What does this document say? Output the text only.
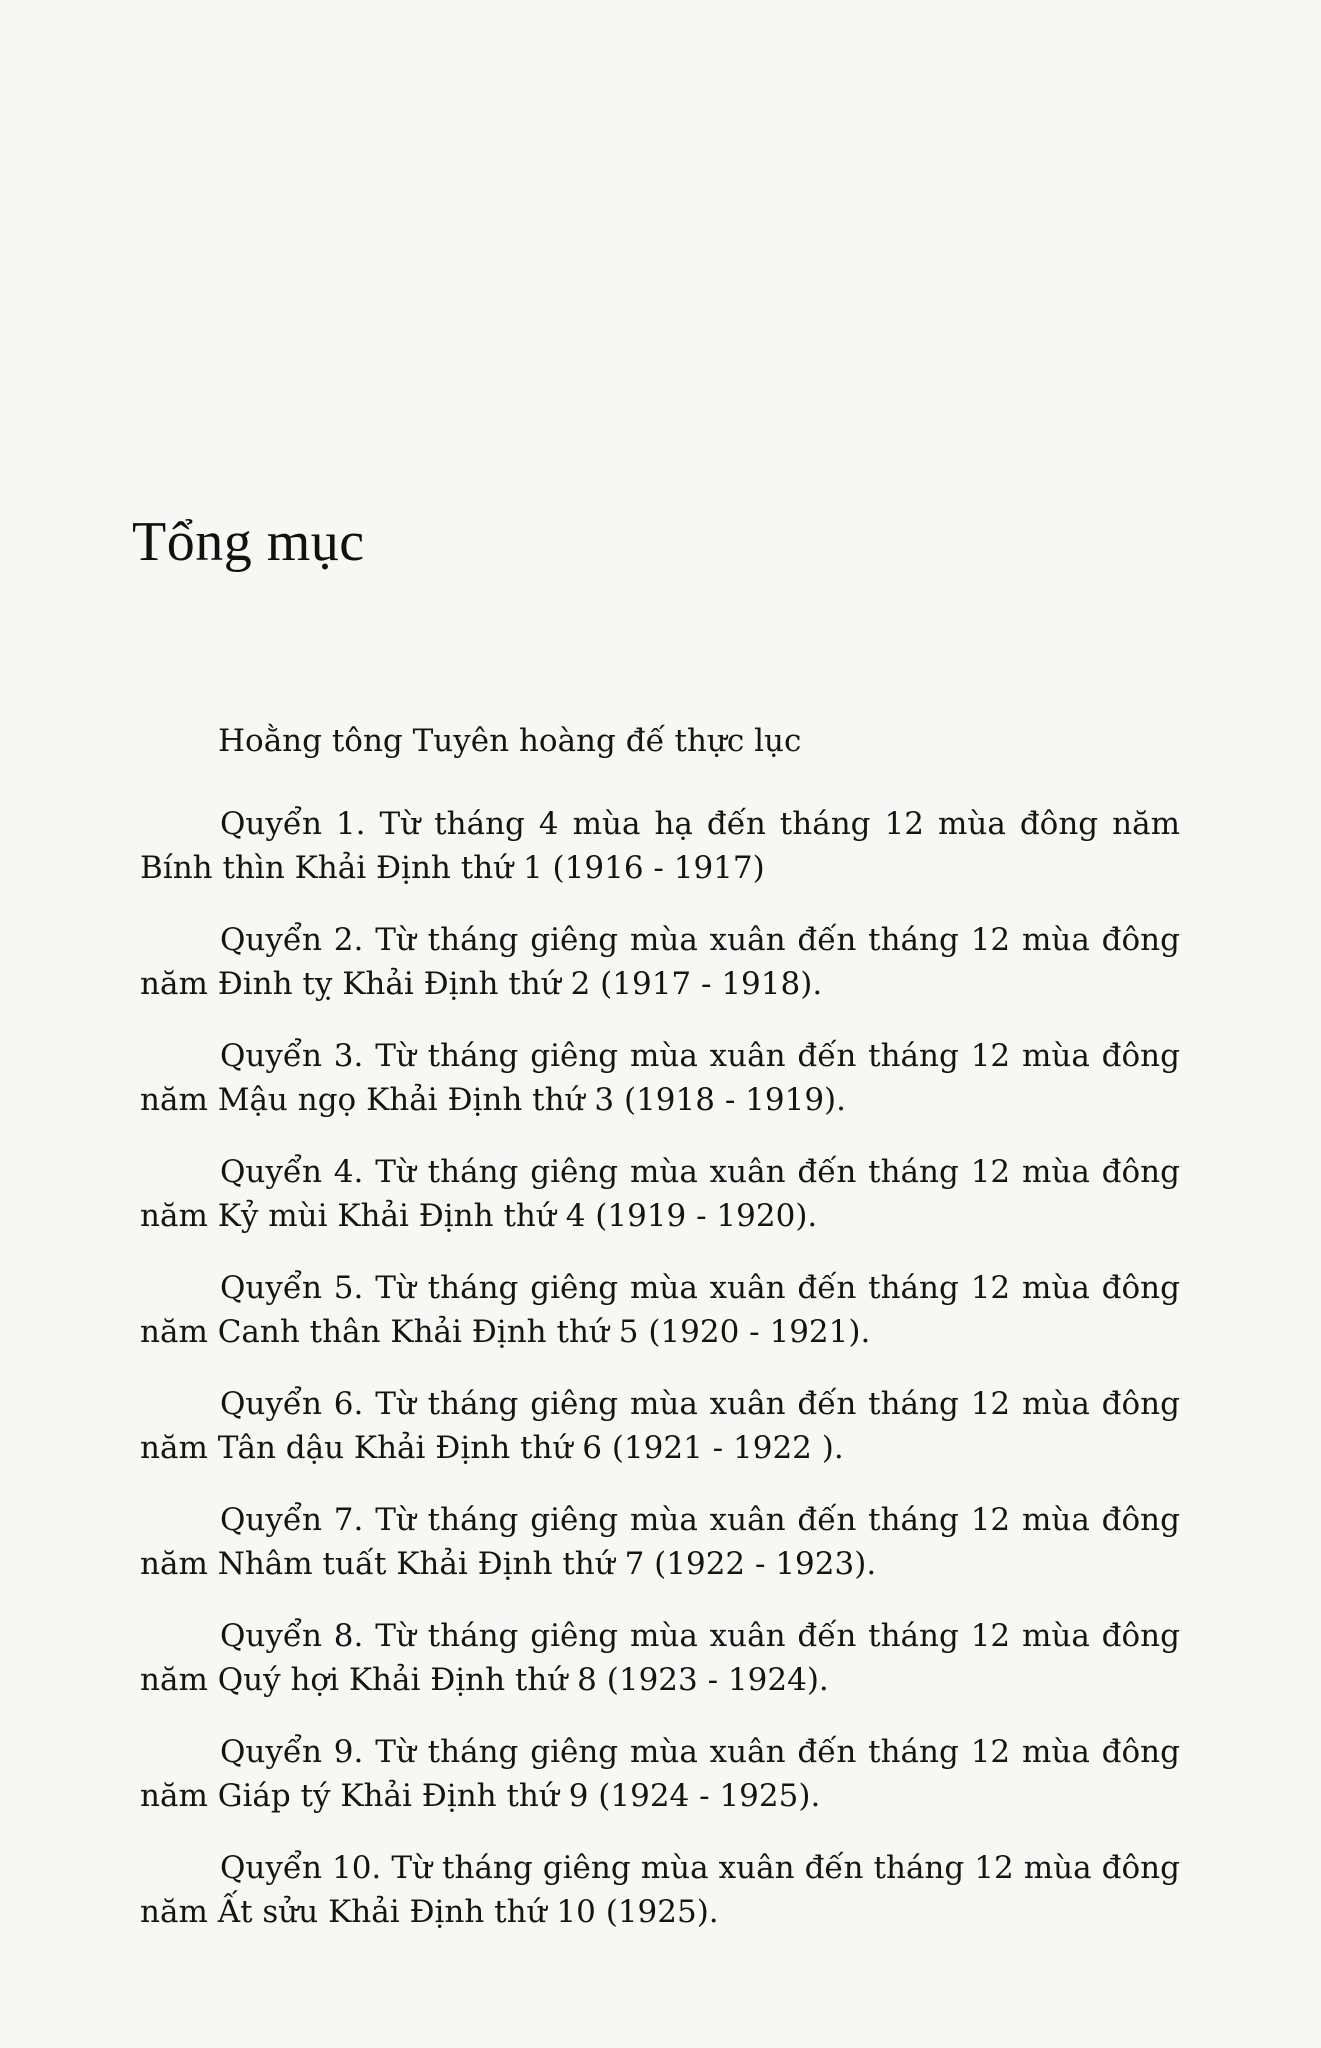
Tổng mục

Hoằng tông Tuyên hoàng đế thực lục

Quyển 1. Từ tháng 4 mùa hạ đến tháng 12 mùa đông năm Bính thìn Khải Định thứ 1 (1916 - 1917)

Quyển 2. Từ tháng giêng mùa xuân đến tháng 12 mùa đông năm Đinh tỵ Khải Định thứ 2 (1917 - 1918).

Quyển 3. Từ tháng giêng mùa xuân đến tháng 12 mùa đông năm Mậu ngọ Khải Định thứ 3 (1918 - 1919).

Quyển 4. Từ tháng giêng mùa xuân đến tháng 12 mùa đông năm Kỷ mùi Khải Định thứ 4 (1919 - 1920).

Quyển 5. Từ tháng giêng mùa xuân đến tháng 12 mùa đông năm Canh thân Khải Định thứ 5 (1920 - 1921).

Quyển 6. Từ tháng giêng mùa xuân đến tháng 12 mùa đông năm Tân dậu Khải Định thứ 6 (1921 - 1922 ).

Quyển 7. Từ tháng giêng mùa xuân đến tháng 12 mùa đông năm Nhâm tuất Khải Định thứ 7 (1922 - 1923).

Quyển 8. Từ tháng giêng mùa xuân đến tháng 12 mùa đông năm Quý hợi Khải Định thứ 8 (1923 - 1924).

Quyển 9. Từ tháng giêng mùa xuân đến tháng 12 mùa đông năm Giáp tý Khải Định thứ 9 (1924 - 1925).

Quyển 10. Từ tháng giêng mùa xuân đến tháng 12 mùa đông năm Ất sửu Khải Định thứ 10 (1925).
